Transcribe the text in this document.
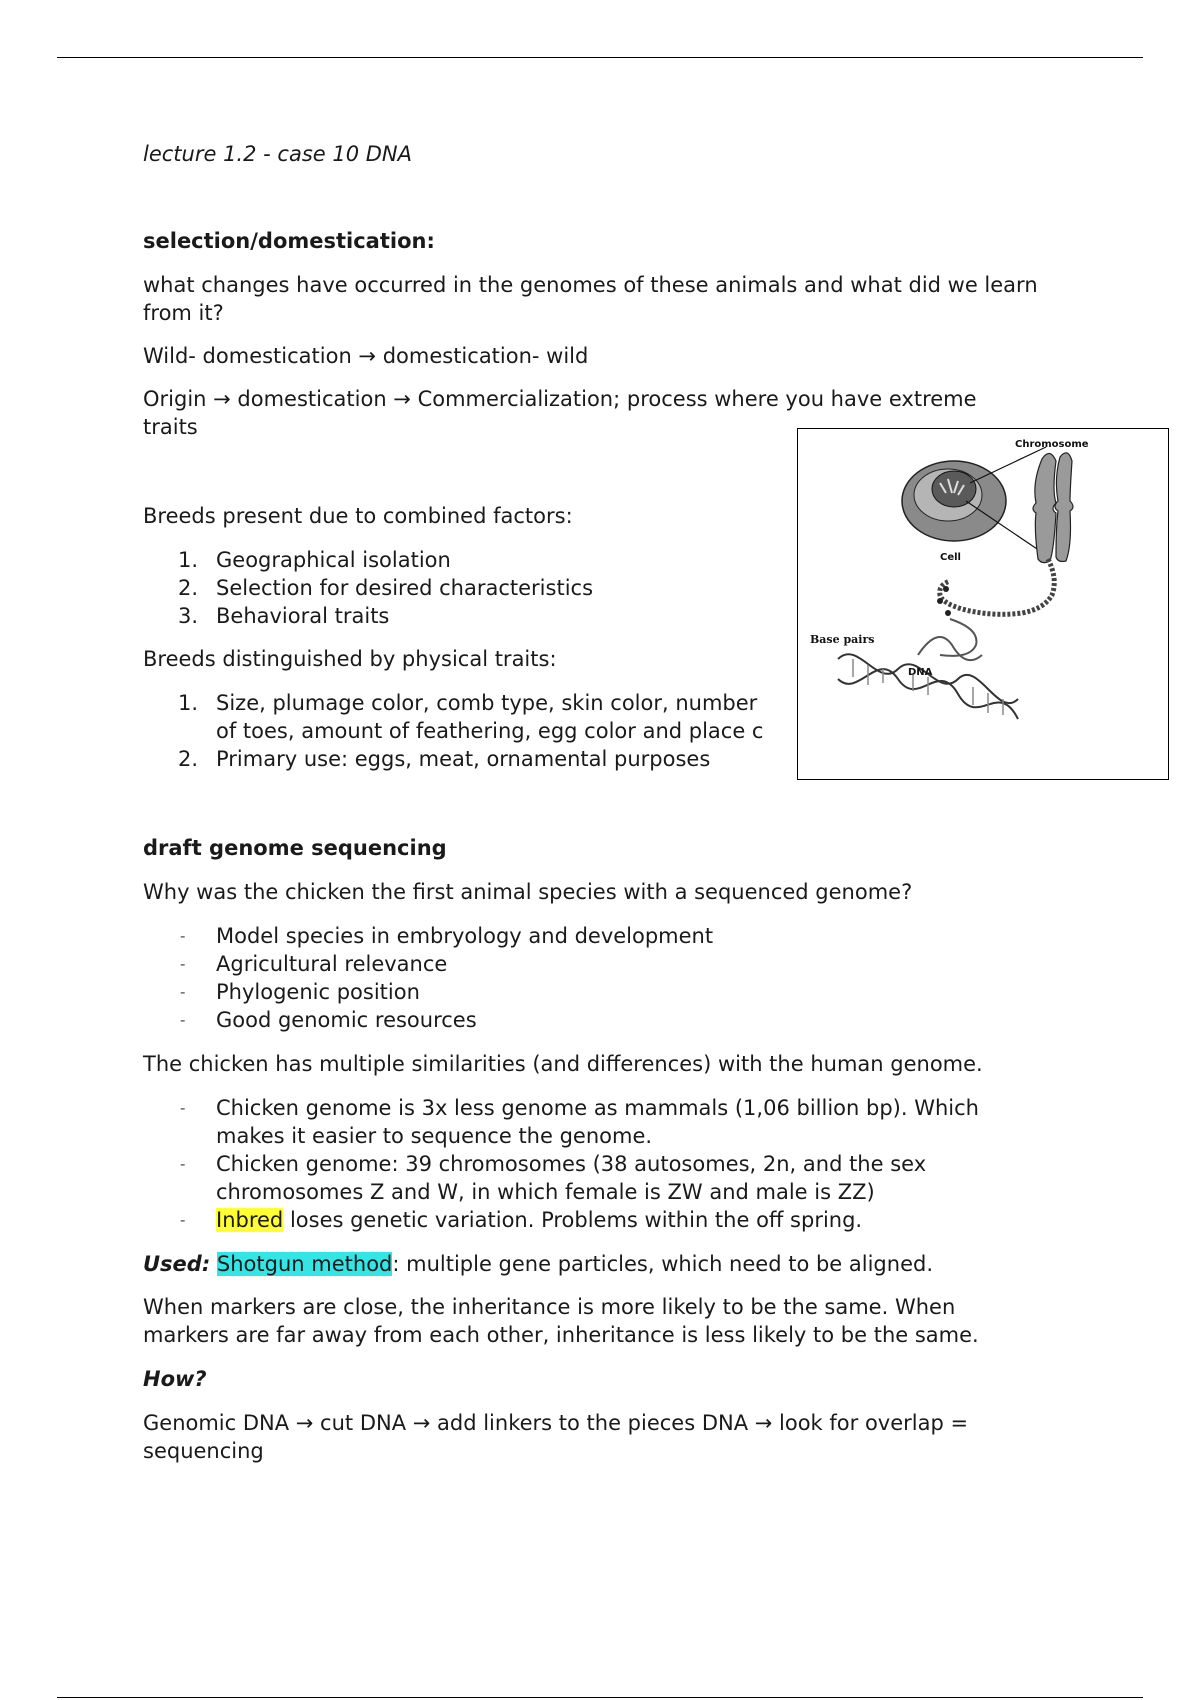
lecture 1.2 - case 10 DNA

selection/domestication:

what changes have occurred in the genomes of these animals and what did we learn from it?

Wild- domestication → domestication- wild

Origin → domestication → Commercialization; process where you have extreme traits

Breeds present due to combined factors:

1. Geographical isolation
2. Selection for desired characteristics
3. Behavioral traits

Breeds distinguished by physical traits:

1. Size, plumage color, comb type, skin color, number
of toes, amount of feathering, egg color and place c
2. Primary use: eggs, meat, ornamental purposes

draft genome sequencing

Why was the chicken the first animal species with a sequenced genome?

- Model species in embryology and development
- Agricultural relevance
- Phylogenic position
- Good genomic resources

The chicken has multiple similarities (and differences) with the human genome.

- Chicken genome is 3x less genome as mammals (1,06 billion bp). Which makes it easier to sequence the genome.
- Chicken genome: 39 chromosomes (38 autosomes, 2n, and the sex chromosomes Z and W, in which female is ZW and male is ZZ)
- Inbred loses genetic variation. Problems within the off spring.

Used: Shotgun method: multiple gene particles, which need to be aligned.

When markers are close, the inheritance is more likely to be the same. When markers are far away from each other, inheritance is less likely to be the same.

How?

Genomic DNA → cut DNA → add linkers to the pieces DNA → look for overlap = sequencing

Chromosome
Cell
Base pairs
DNA
